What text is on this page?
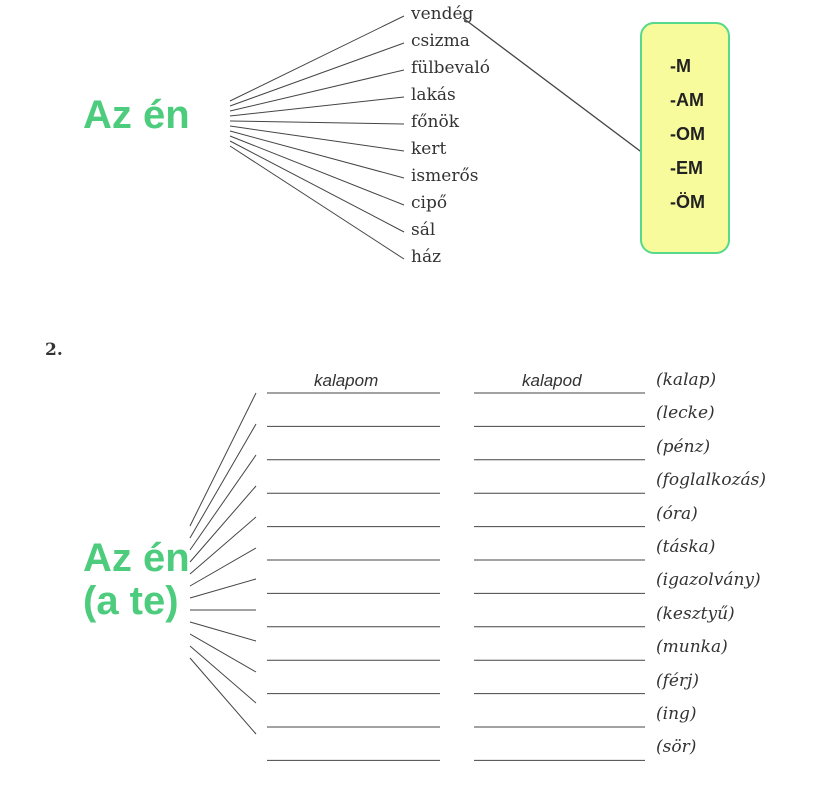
Az én
vendég
csizma
fülbevaló
lakás
főnök
kert
ismerős
cipő
sál
ház
-M
-AM
-OM
-EM
-ÖM
2.
Az én
(a te)
kalapom	kalapod	(kalap)
(lecke)
(pénz)
(foglalkozás)
(óra)
(táska)
(igazolvány)
(kesztyű)
(munka)
(férj)
(ing)
(sör)
